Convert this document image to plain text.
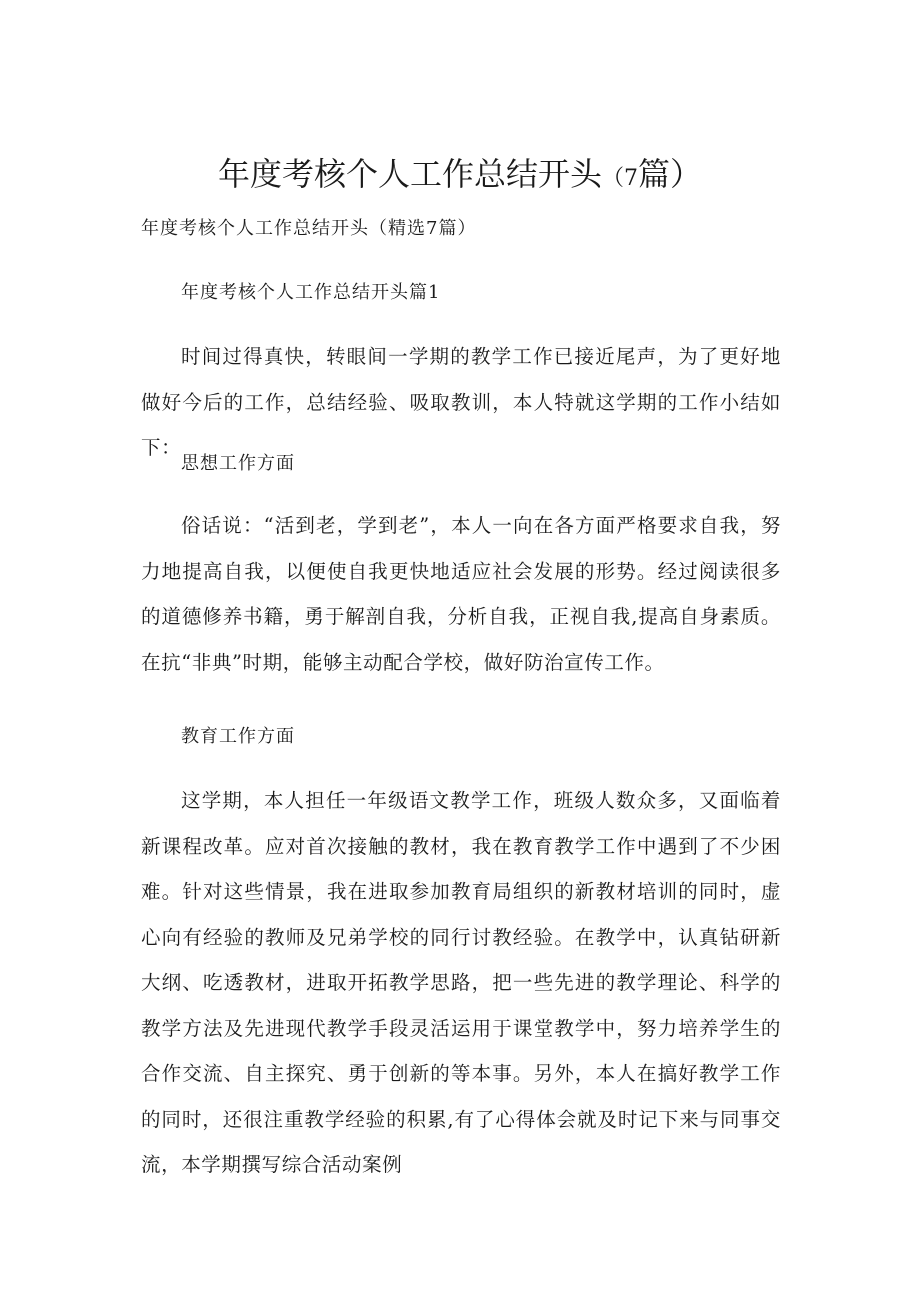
年度考核个人工作总结开头（7篇）

年度考核个人工作总结开头（精选7篇）

年度考核个人工作总结开头篇1

时间过得真快，转眼间一学期的教学工作已接近尾声，为了更好地做好今后的工作，总结经验、吸取教训，本人特就这学期的工作小结如下：

思想工作方面

俗话说：“活到老，学到老”，本人一向在各方面严格要求自我，努力地提高自我，以便使自我更快地适应社会发展的形势。经过阅读很多的道德修养书籍，勇于解剖自我，分析自我，正视自我,提高自身素质。在抗“非典”时期，能够主动配合学校，做好防治宣传工作。

教育工作方面

这学期，本人担任一年级语文教学工作，班级人数众多，又面临着新课程改革。应对首次接触的教材，我在教育教学工作中遇到了不少困难。针对这些情景，我在进取参加教育局组织的新教材培训的同时，虚心向有经验的教师及兄弟学校的同行讨教经验。在教学中，认真钻研新大纲、吃透教材，进取开拓教学思路，把一些先进的教学理论、科学的教学方法及先进现代教学手段灵活运用于课堂教学中，努力培养学生的合作交流、自主探究、勇于创新的等本事。另外，本人在搞好教学工作的同时，还很注重教学经验的积累,有了心得体会就及时记下来与同事交流，本学期撰写综合活动案例
